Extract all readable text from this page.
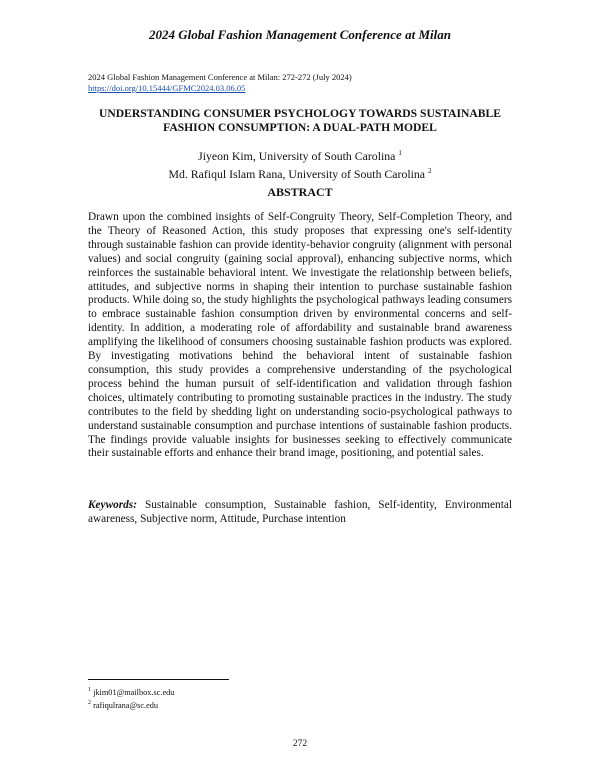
2024 Global Fashion Management Conference at Milan
2024 Global Fashion Management Conference at Milan: 272-272 (July 2024)
https://doi.org/10.15444/GFMC2024.03.06.05
UNDERSTANDING CONSUMER PSYCHOLOGY TOWARDS SUSTAINABLE
FASHION CONSUMPTION: A DUAL-PATH MODEL
Jiyeon Kim, University of South Carolina $^1$
Md. Rafiqul Islam Rana, University of South Carolina $^2$
ABSTRACT

Drawn upon the combined insights of Self-Congruity Theory, Self-Completion Theory, and the Theory of Reasoned Action, this study proposes that expressing one's self-identity through sustainable fashion can provide identity-behavior congruity (alignment with personal values) and social congruity (gaining social approval), enhancing subjective norms, which reinforces the sustainable behavioral intent. We investigate the relationship between beliefs, attitudes, and subjective norms in shaping their intention to purchase sustainable fashion products. While doing so, the study highlights the psychological pathways leading consumers to embrace sustainable fashion consumption driven by environmental concerns and self-identity. In addition, a moderating role of affordability and sustainable brand awareness amplifying the likelihood of consumers choosing sustainable fashion products was explored. By investigating motivations behind the behavioral intent of sustainable fashion consumption, this study provides a comprehensive understanding of the psychological process behind the human pursuit of self-identification and validation through fashion choices, ultimately contributing to promoting sustainable practices in the industry. The study contributes to the field by shedding light on understanding socio-psychological pathways to understand sustainable consumption and purchase intentions of sustainable fashion products. The findings provide valuable insights for businesses seeking to effectively communicate their sustainable efforts and enhance their brand image, positioning, and potential sales.

Keywords: Sustainable consumption, Sustainable fashion, Self-identity, Environmental awareness, Subjective norm, Attitude, Purchase intention

$^1$ jkim01@mailbox.sc.edu
$^2$ rafiqulrana@sc.edu
272
